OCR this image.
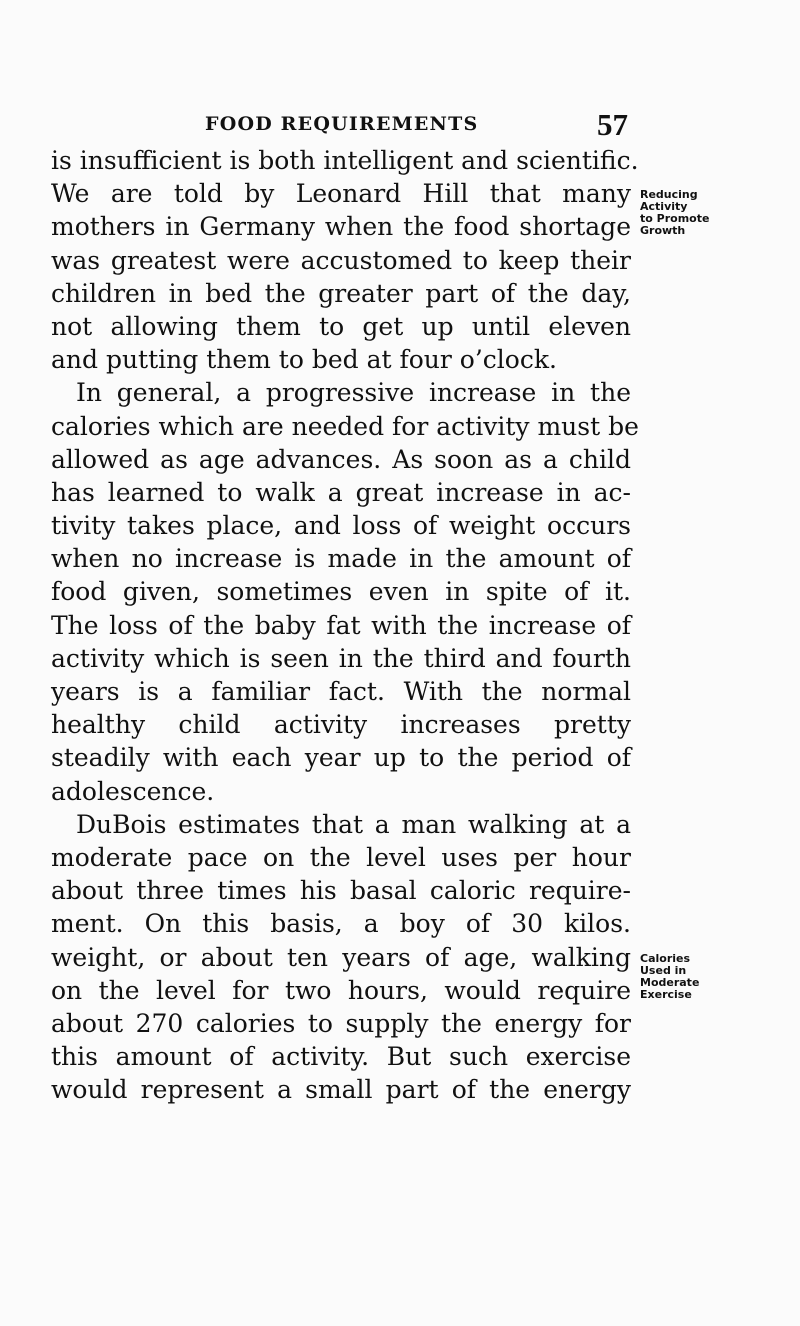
FOOD REQUIREMENTS	57
is insufficient is both intelligent and scientific.
We are told by Leonard Hill that many
mothers in Germany when the food shortage
was greatest were accustomed to keep their
children in bed the greater part of the day,
not allowing them to get up until eleven
and putting them to bed at four o’clock.
In general, a progressive increase in the
calories which are needed for activity must be
allowed as age advances. As soon as a child
has learned to walk a great increase in ac-
tivity takes place, and loss of weight occurs
when no increase is made in the amount of
food given, sometimes even in spite of it.
The loss of the baby fat with the increase of
activity which is seen in the third and fourth
years is a familiar fact. With the normal
healthy child activity increases pretty
steadily with each year up to the period of
adolescence.
DuBois estimates that a man walking at a
moderate pace on the level uses per hour
about three times his basal caloric require-
ment. On this basis, a boy of 30 kilos.
weight, or about ten years of age, walking
on the level for two hours, would require
about 270 calories to supply the energy for
this amount of activity. But such exercise
would represent a small part of the energy
Reducing
Activity
to Promote
Growth
Calories
Used in
Moderate
Exercise
